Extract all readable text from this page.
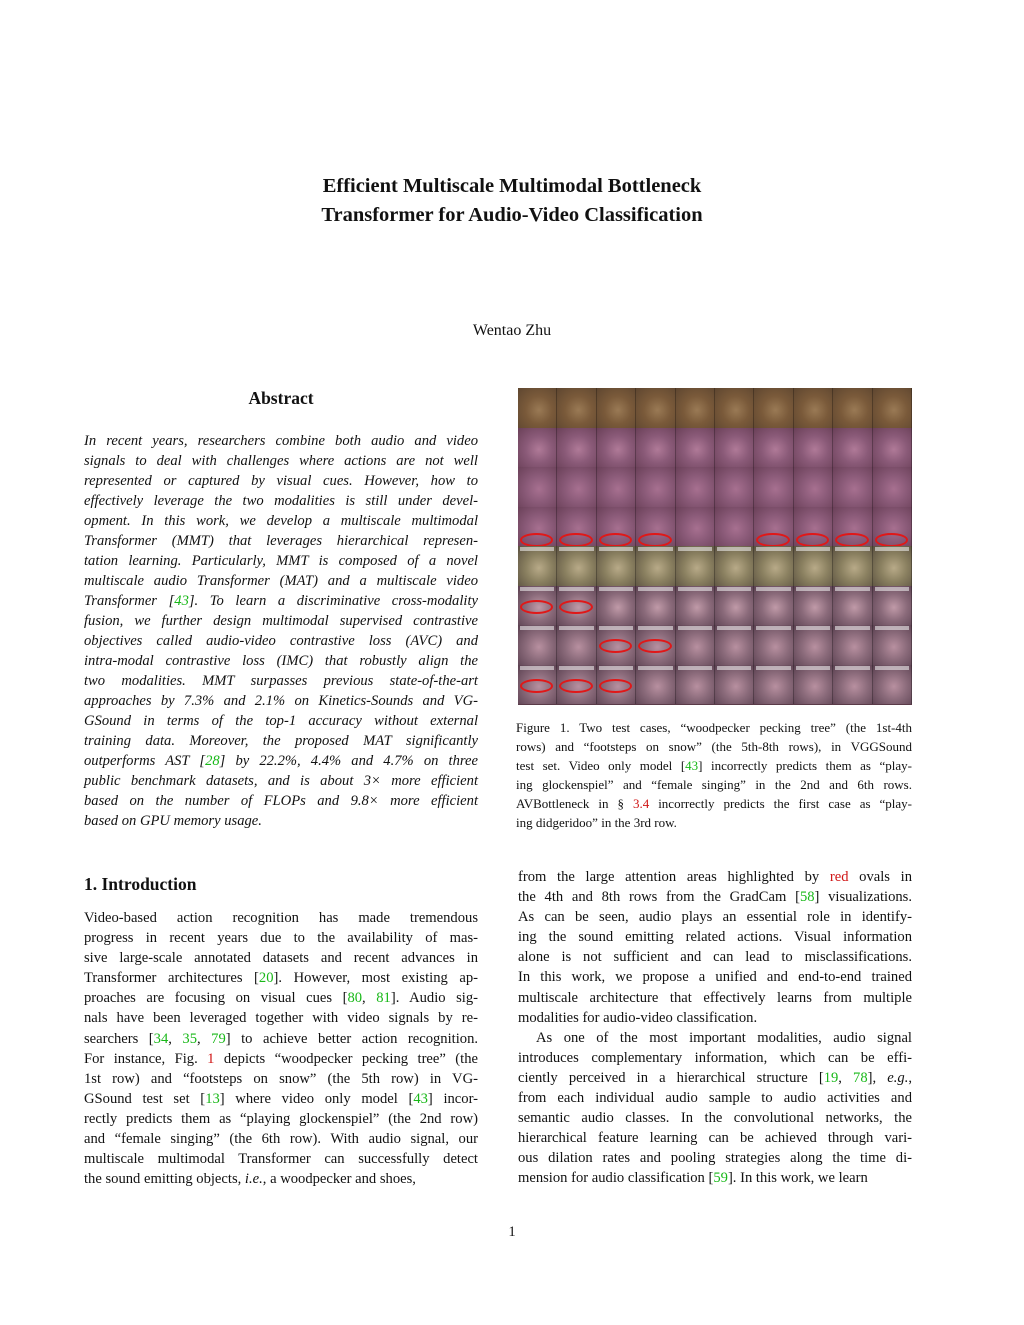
Efficient Multiscale Multimodal Bottleneck
Transformer for Audio-Video Classification
Wentao Zhu
Abstract
In recent years, researchers combine both audio and video
signals to deal with challenges where actions are not well
represented or captured by visual cues. However, how to
effectively leverage the two modalities is still under devel-
opment. In this work, we develop a multiscale multimodal
Transformer (MMT) that leverages hierarchical represen-
tation learning. Particularly, MMT is composed of a novel
multiscale audio Transformer (MAT) and a multiscale video
Transformer [43]. To learn a discriminative cross-modality
fusion, we further design multimodal supervised contrastive
objectives called audio-video contrastive loss (AVC) and
intra-modal contrastive loss (IMC) that robustly align the
two modalities. MMT surpasses previous state-of-the-art
approaches by 7.3% and 2.1% on Kinetics-Sounds and VG-
GSound in terms of the top-1 accuracy without external
training data. Moreover, the proposed MAT significantly
outperforms AST [28] by 22.2%, 4.4% and 4.7% on three
public benchmark datasets, and is about 3× more efficient
based on the number of FLOPs and 9.8× more efficient
based on GPU memory usage.
Figure 1. Two test cases, “woodpecker pecking tree” (the 1st-4th
rows) and “footsteps on snow” (the 5th-8th rows), in VGGSound
test set. Video only model [43] incorrectly predicts them as “play-
ing glockenspiel” and “female singing” in the 2nd and 6th rows.
AVBottleneck in § 3.4 incorrectly predicts the first case as “play-
ing didgeridoo” in the 3rd row.
1. Introduction
Video-based action recognition has made tremendous
progress in recent years due to the availability of mas-
sive large-scale annotated datasets and recent advances in
Transformer architectures [20]. However, most existing ap-
proaches are focusing on visual cues [80, 81]. Audio sig-
nals have been leveraged together with video signals by re-
searchers [34, 35, 79] to achieve better action recognition.
For instance, Fig. 1 depicts “woodpecker pecking tree” (the
1st row) and “footsteps on snow” (the 5th row) in VG-
GSound test set [13] where video only model [43] incor-
rectly predicts them as “playing glockenspiel” (the 2nd row)
and “female singing” (the 6th row). With audio signal, our
multiscale multimodal Transformer can successfully detect
the sound emitting objects, i.e., a woodpecker and shoes,
from the large attention areas highlighted by red ovals in
the 4th and 8th rows from the GradCam [58] visualizations.
As can be seen, audio plays an essential role in identify-
ing the sound emitting related actions. Visual information
alone is not sufficient and can lead to misclassifications.
In this work, we propose a unified and end-to-end trained
multiscale architecture that effectively learns from multiple
modalities for audio-video classification.
As one of the most important modalities, audio signal
introduces complementary information, which can be effi-
ciently perceived in a hierarchical structure [19, 78], e.g.,
from each individual audio sample to audio activities and
semantic audio classes. In the convolutional networks, the
hierarchical feature learning can be achieved through vari-
ous dilation rates and pooling strategies along the time di-
mension for audio classification [59]. In this work, we learn
1
